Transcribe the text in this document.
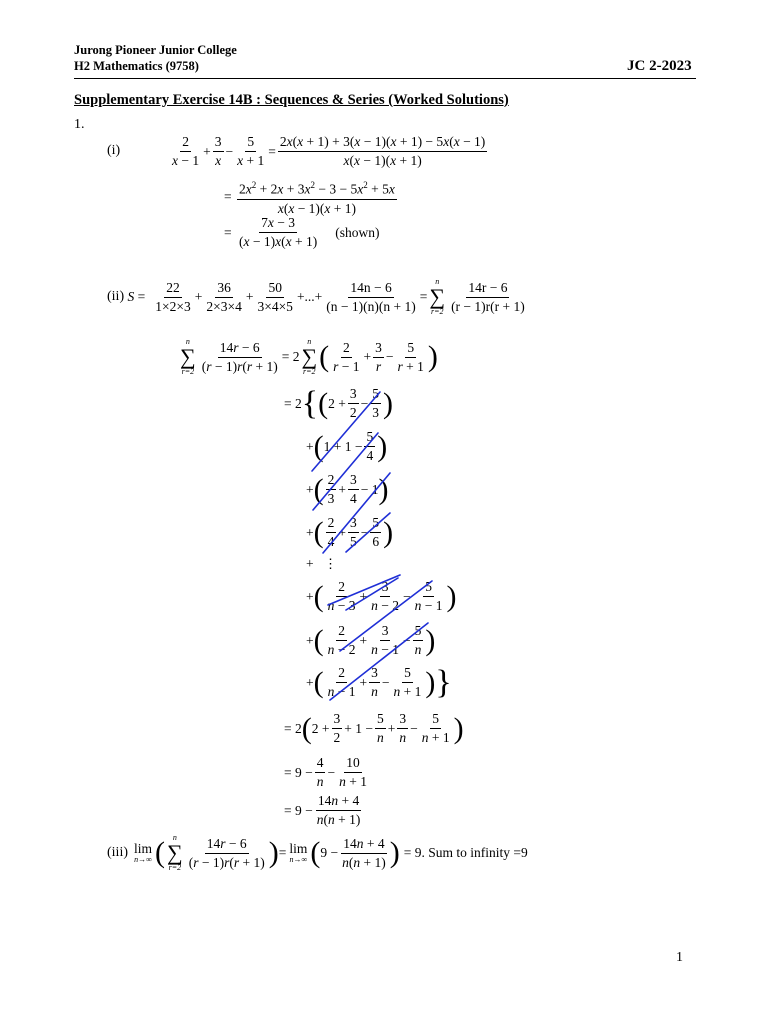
Jurong Pioneer Junior College
H2 Mathematics (9758)	JC 2-2023
Supplementary Exercise 14B : Sequences & Series (Worked Solutions)
1.
(i)
2
x − 1
+
3
x
−
5
x + 1
=
2x(x + 1) + 3(x − 1)(x + 1) − 5x(x − 1)
x(x − 1)(x + 1)
= $2x^2 + 2x + 3x^2 - 3 - 5x^2 + 5x$
x(x − 1)(x + 1)
=
7x − 3
(x − 1)x(x + 1)
(shown)
(ii)
S =
22
1×2×3
+
36
2×3×4
+
50
3×4×5
+...+
14n − 6
(n − 1)(n)(n + 1)
=
n
∑
r=2
14r − 6
(r − 1)r(r + 1)
n
∑
r=2
14r − 6
(r − 1)r(r + 1)
= 2
n
∑
r=2 ( 2
r − 1
+
3
r
−
5
r + 1 )
= 2 { ( 2 +
3
2
−
5
3 )
+ ( 1 + 1 −
5
4 )
+ ( 2
3
+
3
4
− 1 )
+ ( 2
4
+
3
5
−
5
6 )
+   ⋮
+ ( 2
n − 3
+
3
n − 2
−
5
n − 1 )
+ ( 2
n − 2
+
3
n − 1
−
5
n )
+ ( 2
n − 1
+
3
n
−
5
n + 1 ) }
= 2 ( 2 +
3
2
+ 1 −
5
n
+
3
n
−
5
n + 1 )
= 9 −
4
n
−
10
n + 1
= 9 −
14n + 4
n(n + 1)
(iii) lim
n→∞ ( n
∑
r=2
14r − 6
(r − 1)r(r + 1) ) = lim
n→∞ ( 9 −
14n + 4
n(n + 1) ) = 9 . Sum to infinity =9
1
